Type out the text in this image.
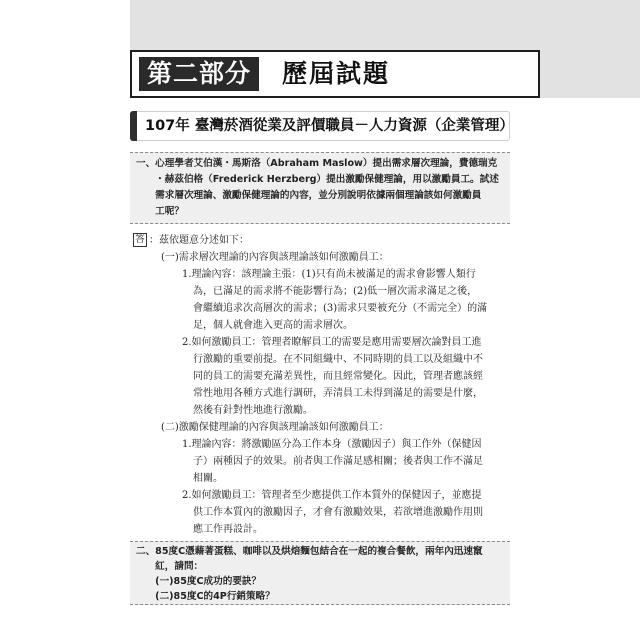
第二部分	歷屆試題
107年 臺灣菸酒從業及評價職員－人力資源（企業管理）
一、心理學者艾伯漢・馬斯洛（Abraham Maslow）提出需求層次理論，費德瑞克
　　・赫茲伯格（Frederick Herzberg）提出激勵保健理論，用以激勵員工。試述
　　需求層次理論、激勵保健理論的內容，並分別說明依據兩個理論該如何激勵員
　　工呢？
答 ：茲依題意分述如下：
(一)需求層次理論的內容與該理論該如何激勵員工：
1.理論內容：該理論主張：(1)只有尚未被滿足的需求會影響人類行
為，已滿足的需求將不能影響行為；(2)低一層次需求滿足之後，
會繼續追求次高層次的需求；(3)需求只要被充分（不需完全）的滿
足，個人就會進入更高的需求層次。
2.如何激勵員工：管理者瞭解員工的需要是應用需要層次論對員工進
行激勵的重要前提。在不同組織中、不同時期的員工以及組織中不
同的員工的需要充滿差異性，而且經常變化。因此，管理者應該經
常性地用各種方式進行調研，弄清員工未得到滿足的需要是什麼，
然後有針對性地進行激勵。
(二)激勵保健理論的內容與該理論該如何激勵員工：
1.理論內容：將激勵區分為工作本身（激勵因子）與工作外（保健因
子）兩種因子的效果。前者與工作滿足感相關；後者與工作不滿足
相關。
2.如何激勵員工：管理者至少應提供工作本質外的保健因子，並應提
供工作本質內的激勵因子，才會有激勵效果，若欲增進激勵作用則
應工作再設計。
二、85度C憑藉著蛋糕、咖啡以及烘焙麵包結合在一起的複合餐飲，兩年內迅速竄
　　紅，請問：
　　(一)85度C成功的要訣？
　　(二)85度C的4P行銷策略？
